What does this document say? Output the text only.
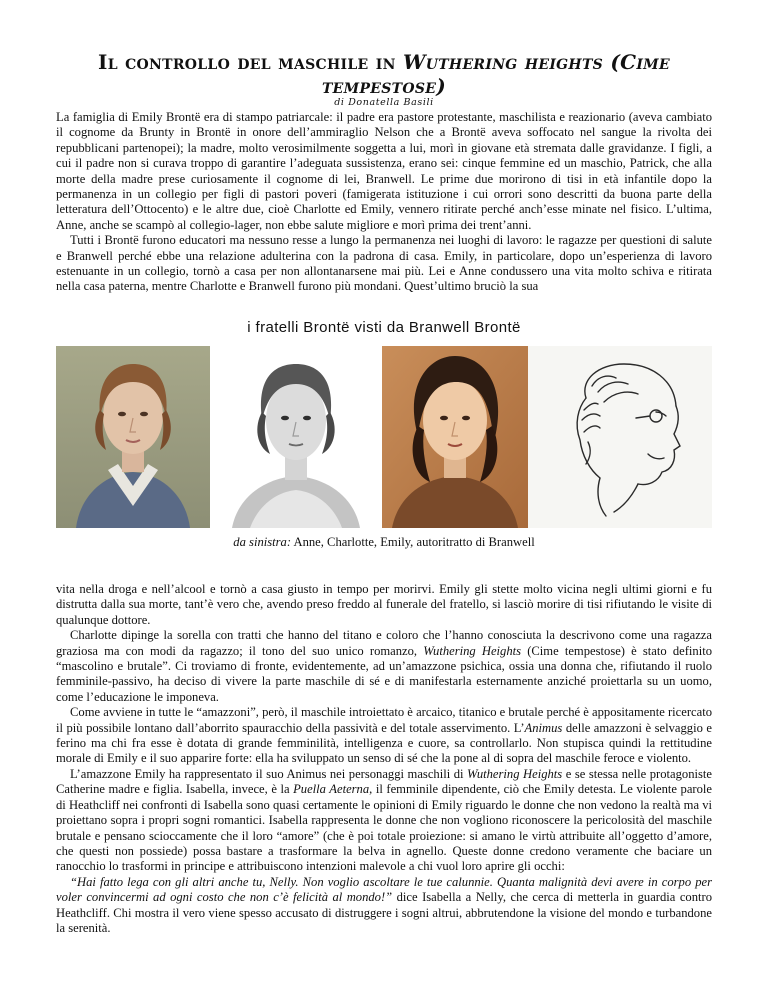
Il controllo del maschile in Wuthering heights (Cime tempestose)
di Donatella Basili

La famiglia di Emily Brontë era di stampo patriarcale: il padre era pastore protestante, maschilista e reazionario (aveva cambiato il cognome da Brunty in Brontë in onore dell’ammiraglio Nelson che a Brontë aveva soffocato nel sangue la rivolta dei repubblicani partenopei); la madre, molto verosimilmente soggetta a lui, morì in giovane età stremata dalle gravidanze. I figli, a cui il padre non si curava troppo di garantire l’adeguata sussistenza, erano sei: cinque femmine ed un maschio, Patrick, che alla morte della madre prese curiosamente il cognome di lei, Branwell. Le prime due morirono di tisi in età infantile dopo la permanenza in un collegio per figli di pastori poveri (famigerata istituzione i cui orrori sono descritti da buona parte della letteratura dell’Ottocento) e le altre due, cioè Charlotte ed Emily, vennero ritirate perché anch’esse minate nel fisico. L’ultima, Anne, anche se scampò al collegio-lager, non ebbe salute migliore e morì prima dei trent’anni.

Tutti i Brontë furono educatori ma nessuno resse a lungo la permanenza nei luoghi di lavoro: le ragazze per questioni di salute e Branwell perché ebbe una relazione adulterina con la padrona di casa. Emily, in particolare, dopo un’esperienza di lavoro estenuante in un collegio, tornò a casa per non allontanarsene mai più. Lei e Anne condussero una vita molto schiva e ritirata nella casa paterna, mentre Charlotte e Branwell furono più mondani. Quest’ultimo bruciò la sua

i fratelli Brontë visti da Branwell Brontë
da sinistra: Anne, Charlotte, Emily, autoritratto di Branwell

vita nella droga e nell’alcool e tornò a casa giusto in tempo per morirvi. Emily gli stette molto vicina negli ultimi giorni e fu distrutta dalla sua morte, tant’è vero che, avendo preso freddo al funerale del fratello, si lasciò morire di tisi rifiutando le visite di qualunque dottore.

Charlotte dipinge la sorella con tratti che hanno del titano e coloro che l’hanno conosciuta la descrivono come una ragazza graziosa ma con modi da ragazzo; il tono del suo unico romanzo, Wuthering Heights (Cime tempestose) è stato definito “mascolino e brutale”. Ci troviamo di fronte, evidentemente, ad un’amazzone psichica, ossia una donna che, rifiutando il ruolo femminile-passivo, ha deciso di vivere la parte maschile di sé e di manifestarla esternamente anziché proiettarla su un uomo, come l’educazione le imponeva.

Come avviene in tutte le “amazzoni”, però, il maschile introiettato è arcaico, titanico e brutale perché è appositamente ricercato il più possibile lontano dall’aborrito spauracchio della passività e del totale asservimento. L’Animus delle amazzoni è selvaggio e ferino ma chi fra esse è dotata di grande femminilità, intelligenza e cuore, sa controllarlo. Non stupisca quindi la rettitudine morale di Emily e il suo apparire forte: ella ha sviluppato un senso di sé che la pone al di sopra del maschile feroce e violento.

L’amazzone Emily ha rappresentato il suo Animus nei personaggi maschili di Wuthering Heights e se stessa nelle protagoniste Catherine madre e figlia. Isabella, invece, è la Puella Aeterna, il femminile dipendente, ciò che Emily detesta. Le violente parole di Heathcliff nei confronti di Isabella sono quasi certamente le opinioni di Emily riguardo le donne che non vedono la realtà ma vi proiettano sopra i propri sogni romantici. Isabella rappresenta le donne che non vogliono riconoscere la pericolosità del maschile brutale e pensano scioccamente che il loro “amore” (che è poi totale proiezione: si amano le virtù attribuite all’oggetto d’amore, che questi non possiede) possa bastare a trasformare la belva in agnello. Queste donne credono veramente che baciare un ranocchio lo trasformi in principe e attribuiscono intenzioni malevole a chi vuol loro aprire gli occhi:

“Hai fatto lega con gli altri anche tu, Nelly. Non voglio ascoltare le tue calunnie. Quanta malignità devi avere in corpo per voler convincermi ad ogni costo che non c’è felicità al mondo!” dice Isabella a Nelly, che cerca di metterla in guardia contro Heathcliff. Chi mostra il vero viene spesso accusato di distruggere i sogni altrui, abbrutendone la visione del mondo e turbandone la serenità.
